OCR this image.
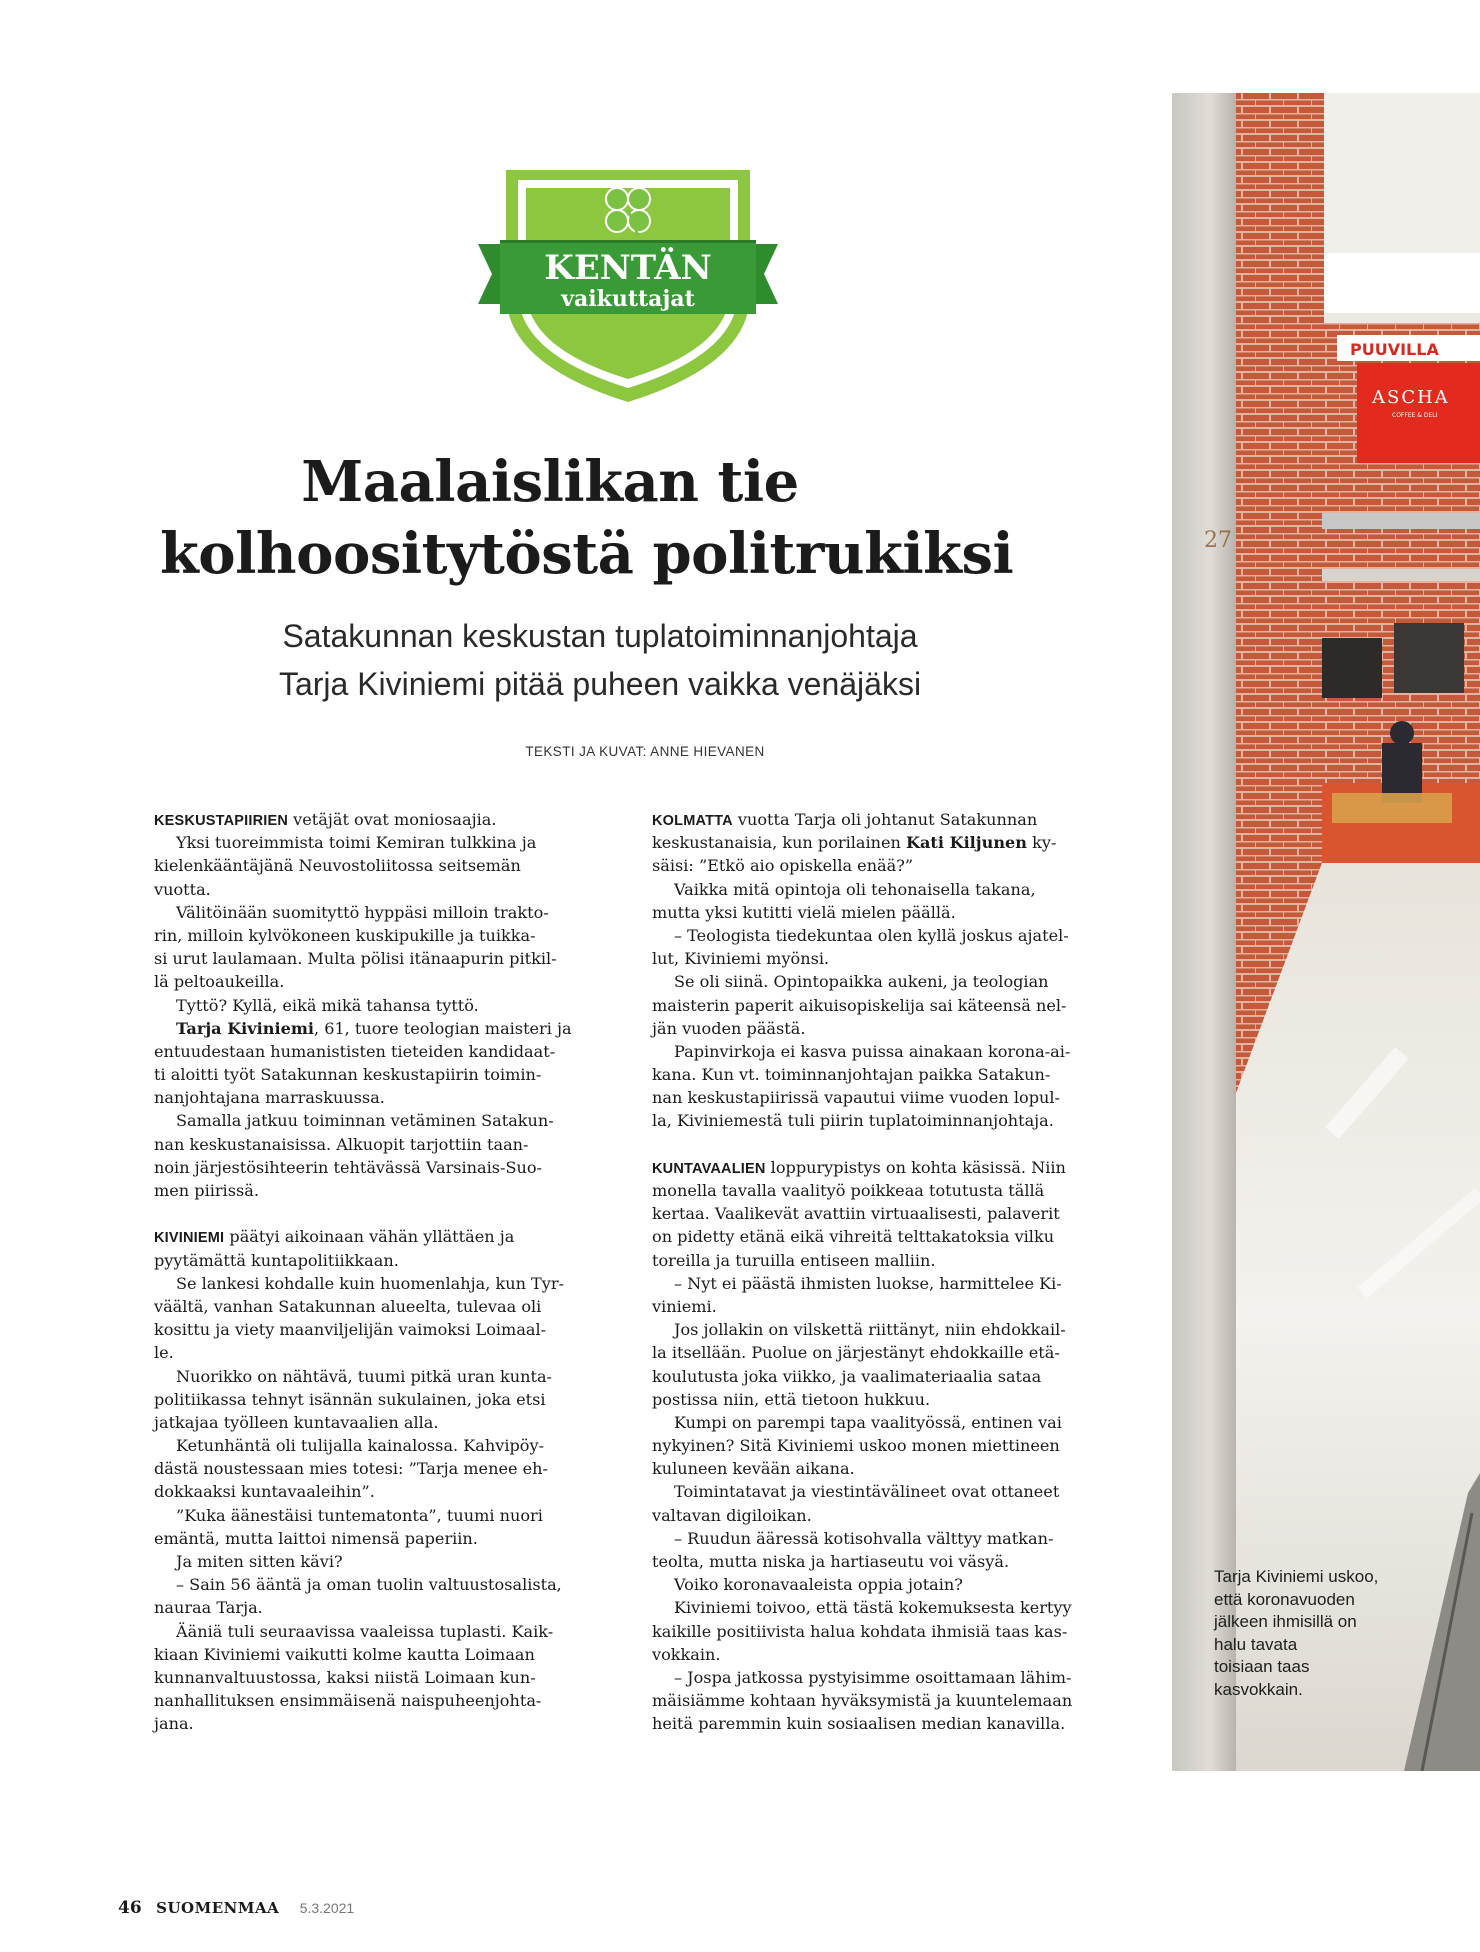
KENTÄN
vaikuttajat
Maalaislikan tie
kolhoositytöstä politrukiksi
Satakunnan keskustan tuplatoiminnanjohtaja
Tarja Kiviniemi pitää puheen vaikka venäjäksi
TEKSTI JA KUVAT: ANNE HIEVANEN
KESKUSTAPIIRIEN vetäjät ovat moniosaajia.
Yksi tuoreimmista toimi Kemiran tulkkina ja
kielenkääntäjänä Neuvostoliitossa seitsemän
vuotta.
Välitöinään suomityttö hyppäsi milloin trakto-
rin, milloin kylvökoneen kuskipukille ja tuikka-
si urut laulamaan. Multa pölisi itänaapurin pitkil-
lä peltoaukeilla.
Tyttö? Kyllä, eikä mikä tahansa tyttö.
Tarja Kiviniemi, 61, tuore teologian maisteri ja
entuudestaan humanististen tieteiden kandidaat-
ti aloitti työt Satakunnan keskustapiirin toimin-
nanjohtajana marraskuussa.
Samalla jatkuu toiminnan vetäminen Satakun-
nan keskustanaisissa. Alkuopit tarjottiin taan-
noin järjestösihteerin tehtävässä Varsinais-Suo-
men piirissä.
KIVINIEMI päätyi aikoinaan vähän yllättäen ja
pyytämättä kuntapolitiikkaan.
Se lankesi kohdalle kuin huomenlahja, kun Tyr-
väältä, vanhan Satakunnan alueelta, tulevaa oli
kosittu ja viety maanviljelijän vaimoksi Loimaal-
le.
Nuorikko on nähtävä, tuumi pitkä uran kunta-
politiikassa tehnyt isännän sukulainen, joka etsi
jatkajaa työlleen kuntavaalien alla.
Ketunhäntä oli tulijalla kainalossa. Kahvipöy-
dästä noustessaan mies totesi: ”Tarja menee eh-
dokkaaksi kuntavaaleihin”.
”Kuka äänestäisi tuntematonta”, tuumi nuori
emäntä, mutta laittoi nimensä paperiin.
Ja miten sitten kävi?
– Sain 56 ääntä ja oman tuolin valtuustosalista,
nauraa Tarja.
Ääniä tuli seuraavissa vaaleissa tuplasti. Kaik-
kiaan Kiviniemi vaikutti kolme kautta Loimaan
kunnanvaltuustossa, kaksi niistä Loimaan kun-
nanhallituksen ensimmäisenä naispuheenjohta-
jana.
KOLMATTA vuotta Tarja oli johtanut Satakunnan
keskustanaisia, kun porilainen Kati Kiljunen ky-
säisi: ”Etkö aio opiskella enää?”
Vaikka mitä opintoja oli tehonaisella takana,
mutta yksi kutitti vielä mielen päällä.
– Teologista tiedekuntaa olen kyllä joskus ajatel-
lut, Kiviniemi myönsi.
Se oli siinä. Opintopaikka aukeni, ja teologian
maisterin paperit aikuisopiskelija sai käteensä nel-
jän vuoden päästä.
Papinvirkoja ei kasva puissa ainakaan korona-ai-
kana. Kun vt. toiminnanjohtajan paikka Satakun-
nan keskustapiirissä vapautui viime vuoden lopul-
la, Kiviniemestä tuli piirin tuplatoiminnanjohtaja.
KUNTAVAALIEN loppurypistys on kohta käsissä. Niin
monella tavalla vaalityö poikkeaa totutusta tällä
kertaa. Vaalikevät avattiin virtuaalisesti, palaverit
on pidetty etänä eikä vihreitä telttakatoksia vilku
toreilla ja turuilla entiseen malliin.
– Nyt ei päästä ihmisten luokse, harmittelee Ki-
viniemi.
Jos jollakin on vilskettä riittänyt, niin ehdokkail-
la itsellään. Puolue on järjestänyt ehdokkaille etä-
koulutusta joka viikko, ja vaalimateriaalia sataa
postissa niin, että tietoon hukkuu.
Kumpi on parempi tapa vaalityössä, entinen vai
nykyinen? Sitä Kiviniemi uskoo monen miettineen
kuluneen kevään aikana.
Toimintatavat ja viestintävälineet ovat ottaneet
valtavan digiloikan.
– Ruudun ääressä kotisohvalla välttyy matkan-
teolta, mutta niska ja hartiaseutu voi väsyä.
Voiko koronavaaleista oppia jotain?
Kiviniemi toivoo, että tästä kokemuksesta kertyy
kaikille positiivista halua kohdata ihmisiä taas kas-
vokkain.
– Jospa jatkossa pystyisimme osoittamaan lähim-
mäisiämme kohtaan hyväksymistä ja kuuntelemaan
heitä paremmin kuin sosiaalisen median kanavilla.
27
PUUVILLA
ASCHA
COFFEE & DELI
Tarja Kiviniemi uskoo,
että koronavuoden
jälkeen ihmisillä on
halu tavata
toisiaan taas
kasvokkain.
46 SUOMENMAA 5.3.2021
